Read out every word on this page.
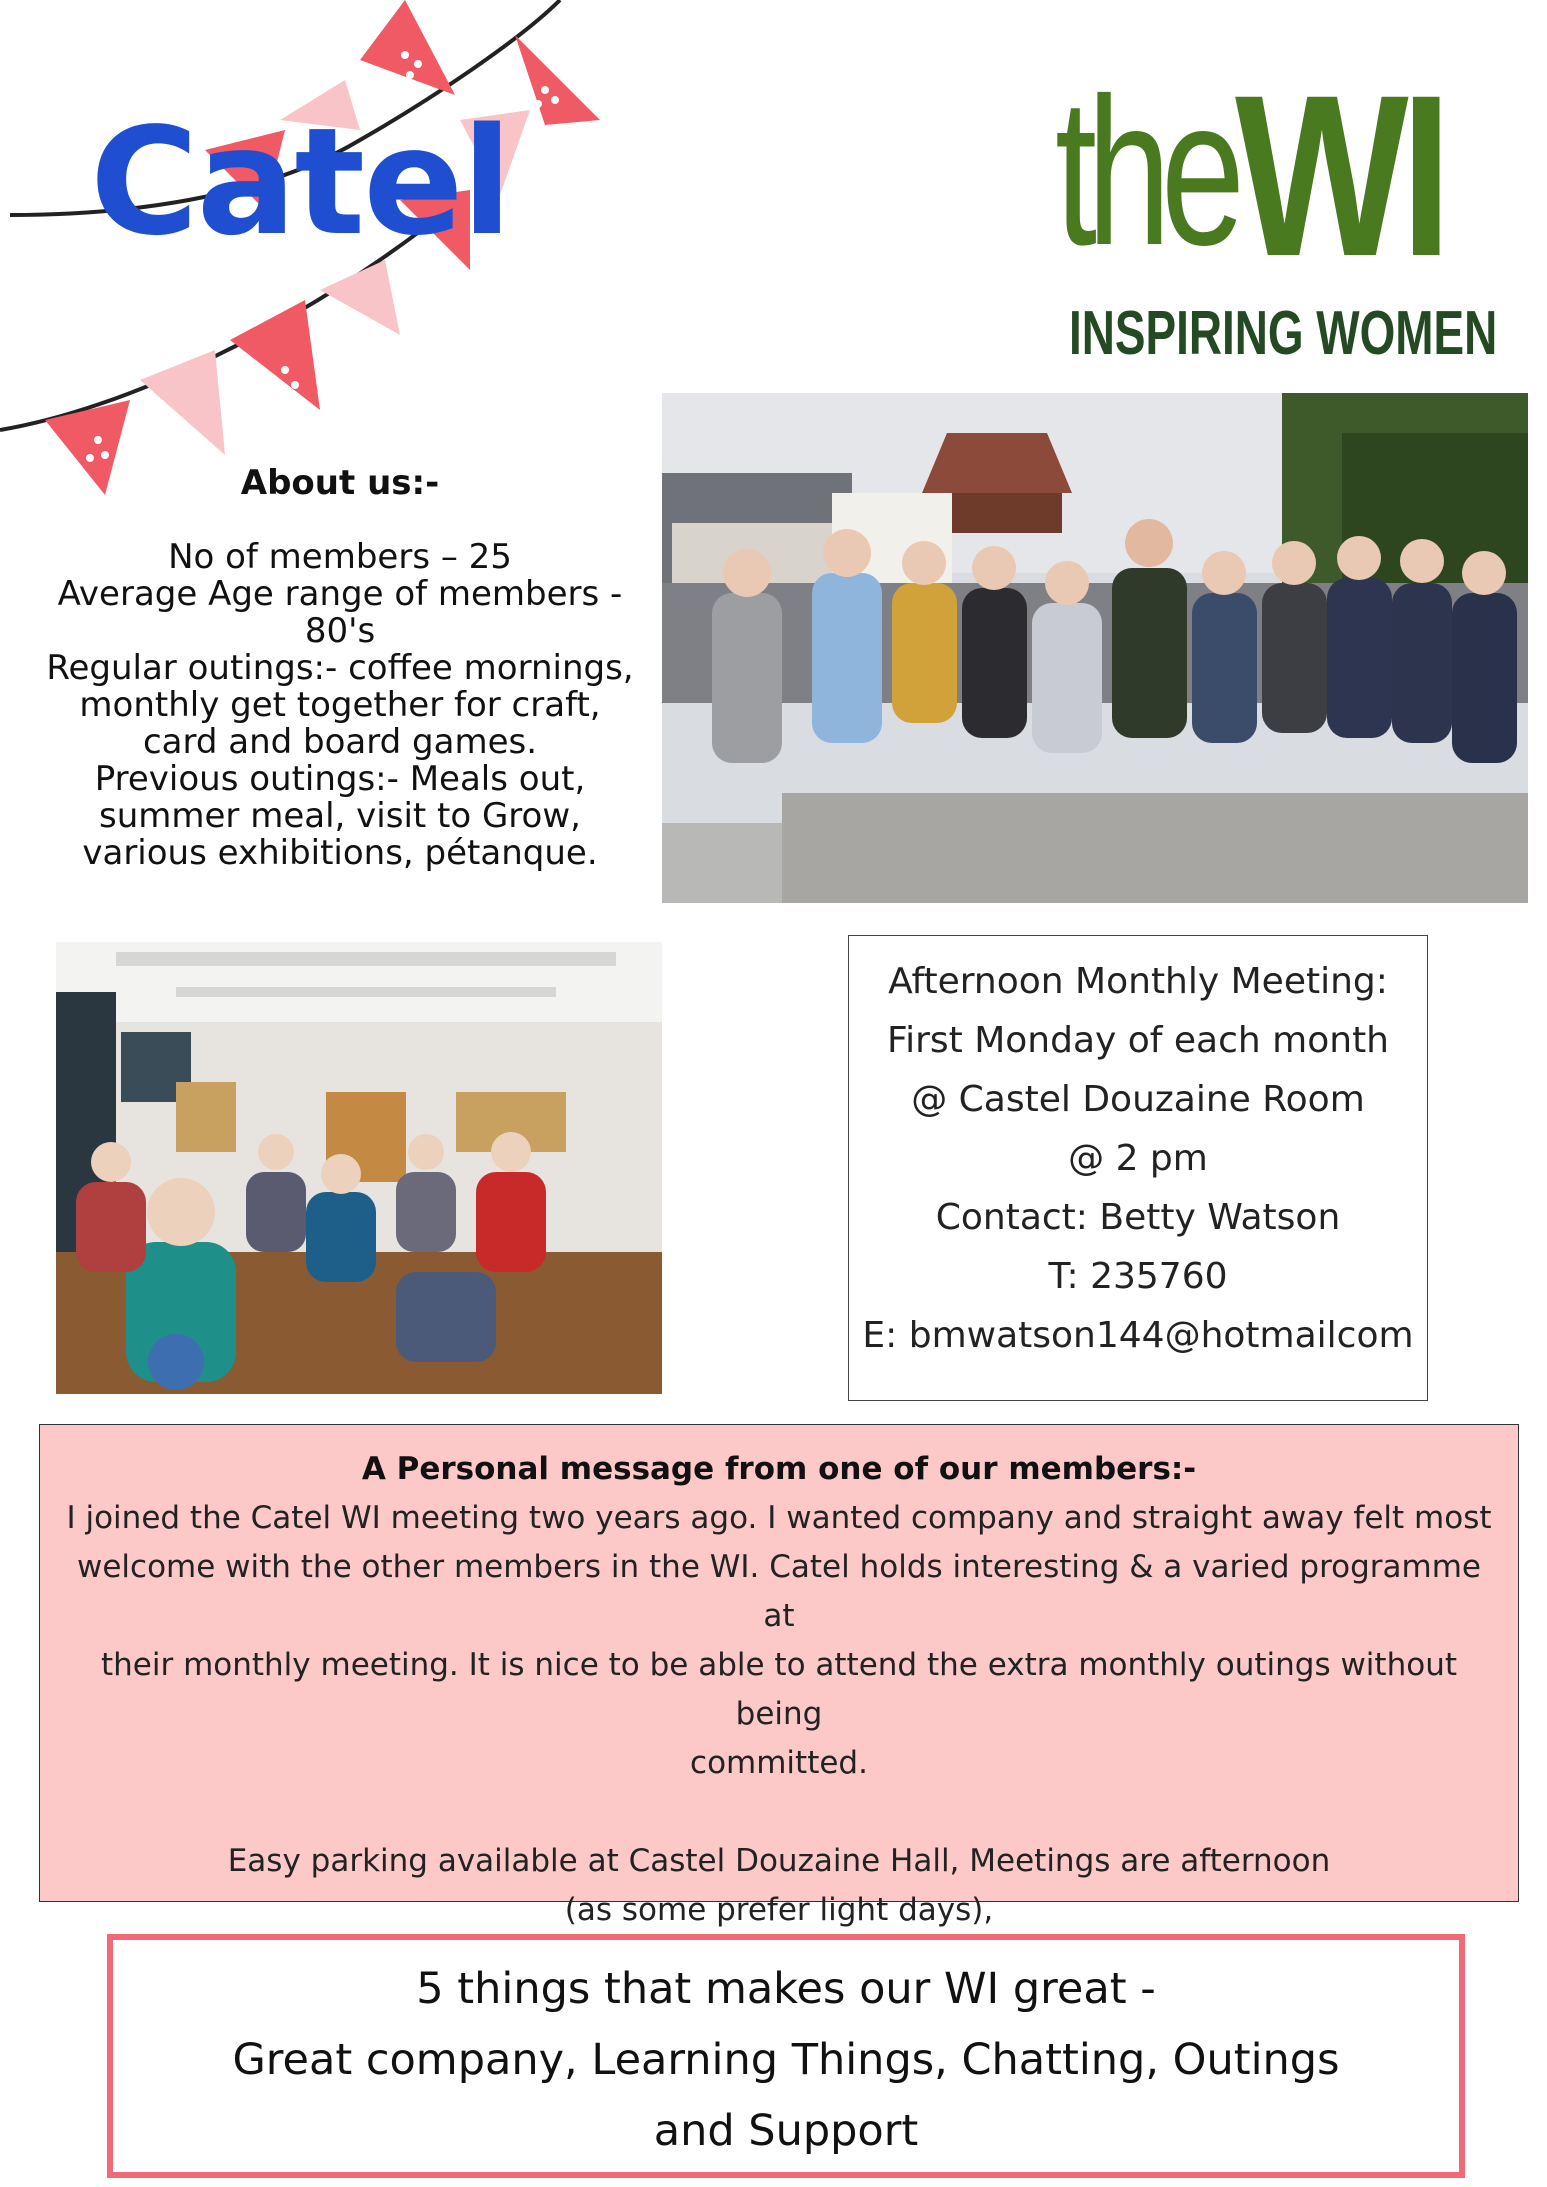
Catel	the WI
INSPIRING WOMEN
About us:-
No of members – 25
Average Age range of members -
80's
Regular outings:- coffee mornings,
monthly get together for craft,
card and board games.
Previous outings:- Meals out,
summer meal, visit to Grow,
various exhibitions, pétanque.
Afternoon Monthly Meeting:
First Monday of each month
@ Castel Douzaine Room
@ 2 pm
Contact: Betty Watson
T: 235760
E: bmwatson144@hotmailcom
A Personal message from one of our members:-
I joined the Catel WI meeting two years ago. I wanted company and straight away felt most
welcome with the other members in the WI. Catel holds interesting & a varied programme at
their monthly meeting. It is nice to be able to attend the extra monthly outings without being
committed.

Easy parking available at Castel Douzaine Hall, Meetings are afternoon
(as some prefer light days),
5 things that makes our WI great -
Great company, Learning Things, Chatting, Outings
and Support
